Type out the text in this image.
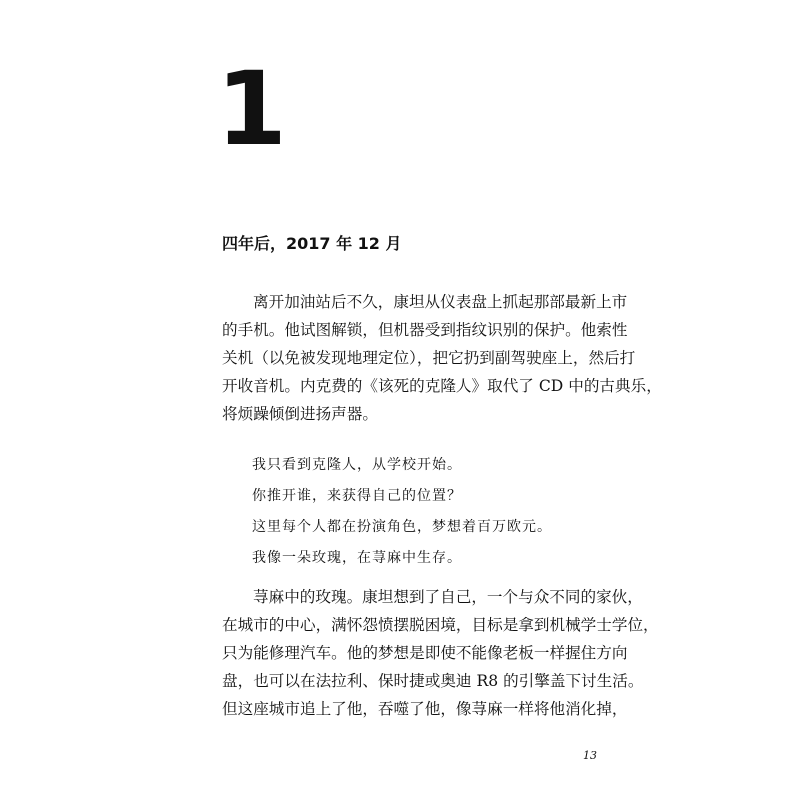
1
四年后，2017 年 12 月
离开加油站后不久，康坦从仪表盘上抓起那部最新上市
的手机。他试图解锁，但机器受到指纹识别的保护。他索性
关机（以免被发现地理定位），把它扔到副驾驶座上，然后打
开收音机。内克费的《该死的克隆人》取代了 CD 中的古典乐，
将烦躁倾倒进扬声器。
我只看到克隆人，从学校开始。
你推开谁，来获得自己的位置？
这里每个人都在扮演角色，梦想着百万欧元。
我像一朵玫瑰，在荨麻中生存。
荨麻中的玫瑰。康坦想到了自己，一个与众不同的家伙，
在城市的中心，满怀怨愤摆脱困境，目标是拿到机械学士学位，
只为能修理汽车。他的梦想是即使不能像老板一样握住方向
盘，也可以在法拉利、保时捷或奥迪 R8 的引擎盖下讨生活。
但这座城市追上了他，吞噬了他，像荨麻一样将他消化掉，
13
